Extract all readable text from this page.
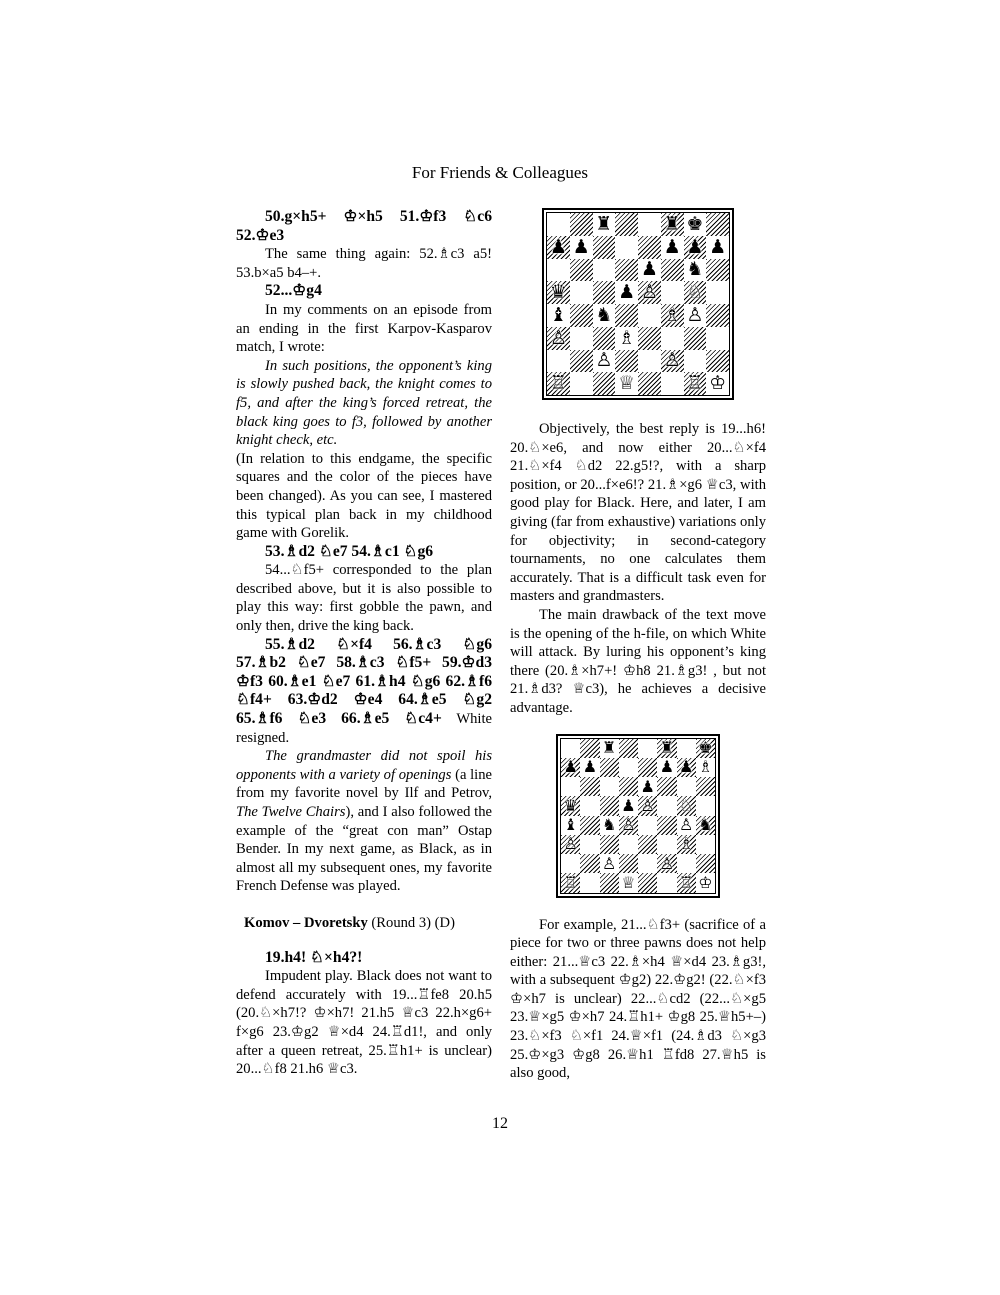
For Friends & Colleagues

50.g×h5+ ♔×h5 51.♔f3 ♘c6 52.♔e3

The same thing again: 52.♗c3 a5! 53.b×a5 b4–+.

52...♔g4

In my comments on an episode from an ending in the first Karpov-Kasparov match, I wrote:

In such positions, the opponent’s king is slowly pushed back, the knight comes to f5, and after the king’s forced retreat, the black king goes to f3, followed by another knight check, etc.

(In relation to this endgame, the specific squares and the color of the pieces have been changed). As you can see, I mastered this typical plan back in my childhood game with Gorelik.

53.♗d2 ♘e7 54.♗c1 ♘g6

54...♘f5+ corresponded to the plan described above, but it is also possible to play this way: first gobble the pawn, and only then, drive the king back.

55.♗d2 ♘×f4 56.♗c3 ♘g6 57.♗b2 ♘e7 58.♗c3 ♘f5+ 59.♔d3 ♔f3 60.♗e1 ♘e7 61.♗h4 ♘g6 62.♗f6 ♘f4+ 63.♔d2 ♔e4 64.♗e5 ♘g2 65.♗f6 ♘e3 66.♗e5 ♘c4+ White resigned.

The grandmaster did not spoil his opponents with a variety of openings (a line from my favorite novel by Ilf and Petrov, The Twelve Chairs), and I also followed the example of the “great con man” Ostap Bender. In my next game, as Black, as in almost all my subsequent ones, my favorite French Defense was played.

Komov – Dvoretsky (Round 3) (D)

19.h4! ♘×h4?!

Impudent play. Black does not want to defend accurately with 19...♖fe8 20.h5 (20.♘×h7!? ♔×h7! 21.h5 ♕c3 22.h×g6+ f×g6 23.♔g2 ♕×d4 24.♖d1!, and only after a queen retreat, 25.♖h1+ is unclear) 20...♘f8 21.h6 ♕c3.

♜	♜ ♚
♟ ♟	♟ ♟ ♟
♟ ♞
♛	♟ ♙ ♘
♝ ♞	♗ ♙
♙	♗
♙	♙
♖	♕	♖ ♔

Objectively, the best reply is 19...h6! 20.♘×e6, and now either 20...♘×f4 21.♘×f4 ♘d2 22.g5!?, with a sharp position, or 20...f×e6!? 21.♗×g6 ♕c3, with good play for Black. Here, and later, I am giving (far from exhaustive) variations only for objectivity; in second-category tournaments, no one calculates them accurately. That is a difficult task even for masters and grandmasters.

The main drawback of the text move is the opening of the h-file, on which White will attack. By luring his opponent’s king there (20.♗×h7+! ♔h8 21.♗g3! , but not 21.♗d3? ♕c3), he achieves a decisive advantage.

♜	♜ ♚
♟ ♟	♟ ♟ ♗
♟
♛	♟ ♙ ♘
♝ ♞ ♙	♙ ♞
♙	♗
♙	♙
♖	♕	♖ ♔

For example, 21...♘f3+ (sacrifice of a piece for two or three pawns does not help either: 21...♕c3 22.♗×h4 ♕×d4 23.♗g3!, with a subsequent ♔g2) 22.♔g2! (22.♘×f3 ♔×h7 is unclear) 22...♘cd2 (22...♘×g5 23.♕×g5 ♔×h7 24.♖h1+ ♔g8 25.♕h5+–) 23.♘×f3 ♘×f1 24.♕×f1 (24.♗d3 ♘×g3 25.♔×g3 ♔g8 26.♕h1 ♖fd8 27.♕h5 is also good,

12
